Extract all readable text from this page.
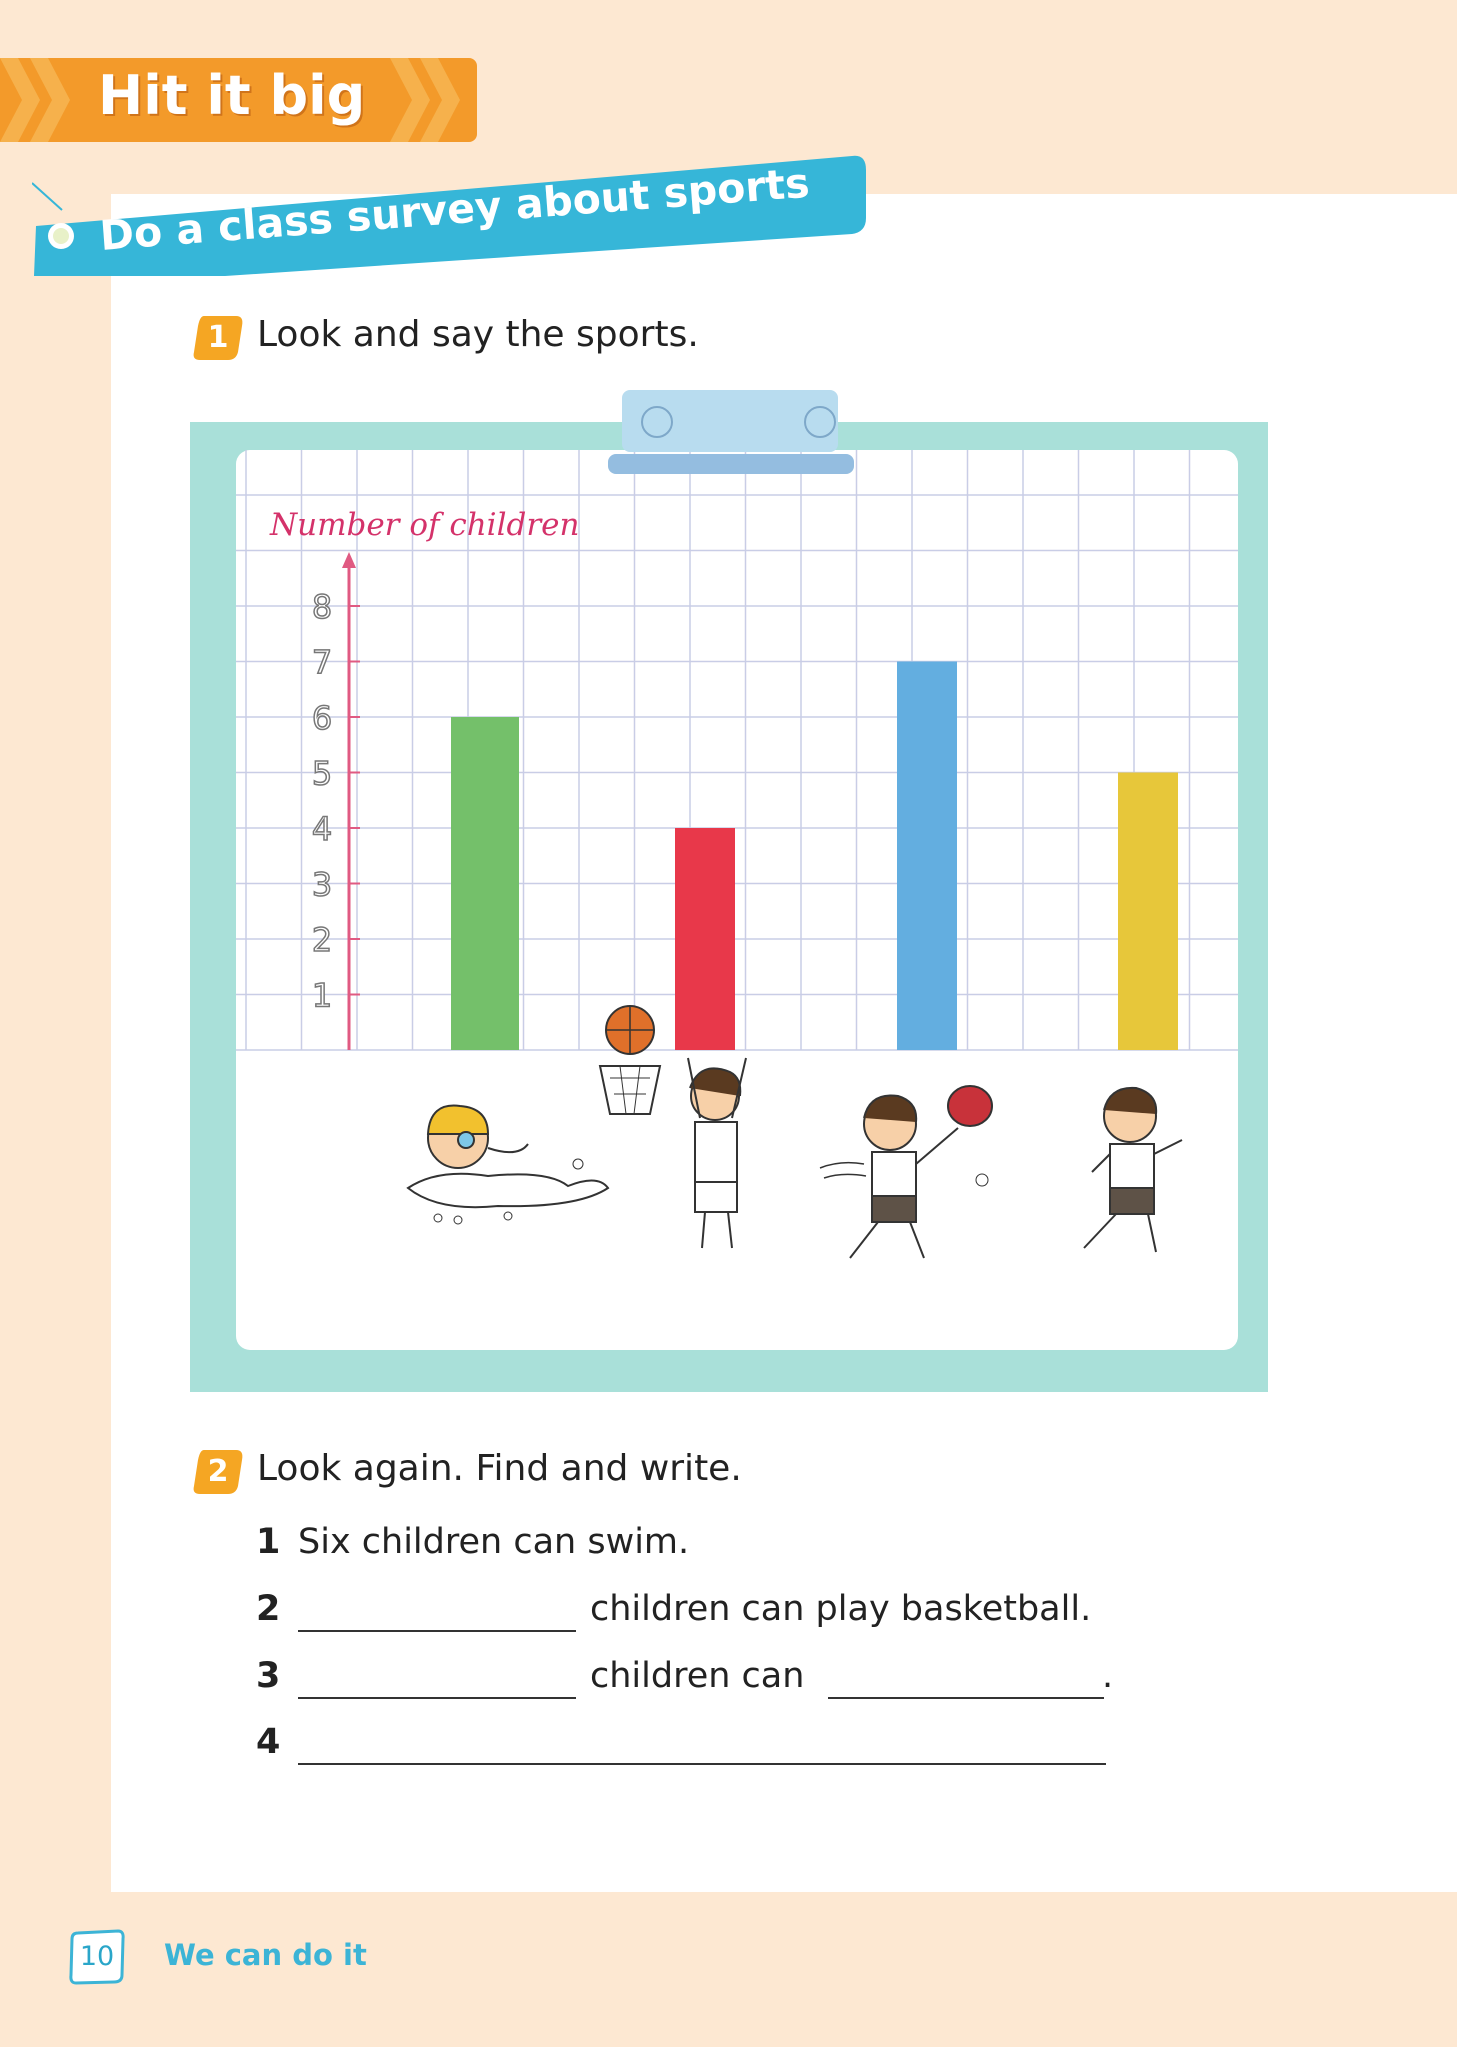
Hit it big
Do a class survey about sports
1 Look and say the sports.
Number of children
1
2
3
4
5
6
7
8
2 Look again. Find and write.
1 Six children can swim.
2	children can play basketball.
3	children can	.
4
10	We can do it
